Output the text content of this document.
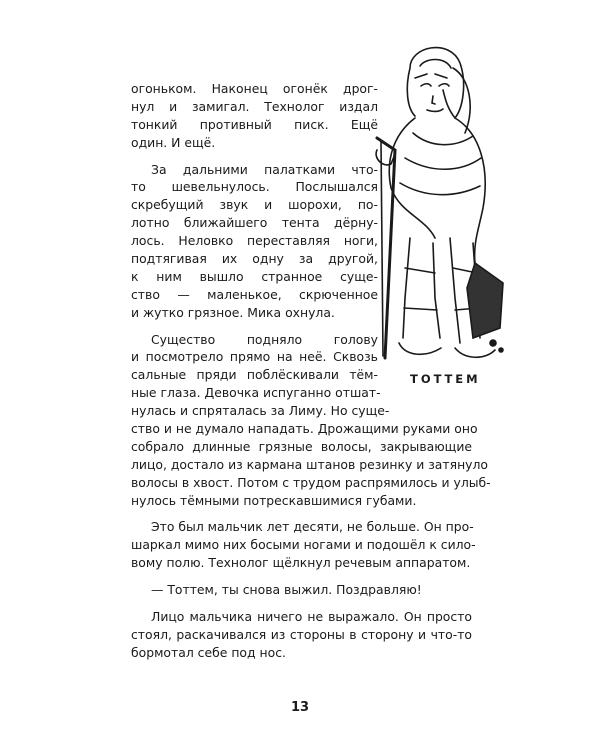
огоньком. Наконец огонёк дрог-
нул и замигал. Технолог издал
тонкий противный писк. Ещё
один. И ещё.
За дальними палатками что-
то шевельнулось. Послышался
скребущий звук и шорохи, по-
лотно ближайшего тента дёрну-
лось. Неловко переставляя ноги,
подтягивая их одну за другой,
к ним вышло странное суще-
ство — маленькое, скрюченное
и жутко грязное. Мика охнула.
Существо подняло голову
и посмотрело прямо на неё. Сквозь
сальные пряди поблёскивали тём-
ные глаза. Девочка испуганно отшат-
нулась и спряталась за Лиму. Но суще-
ство и не думало нападать. Дрожащими руками оно
собрало длинные грязные волосы, закрывающие
лицо, достало из кармана штанов резинку и затянуло
волосы в хвост. Потом с трудом распрямилось и улыб-
нулось тёмными потрескавшимися губами.
Это был мальчик лет десяти, не больше. Он про-
шаркал мимо них босыми ногами и подошёл к сило-
вому полю. Технолог щёлкнул речевым аппаратом.
— Тоттем, ты снова выжил. Поздравляю!
Лицо мальчика ничего не выражало. Он просто
стоял, раскачивался из стороны в сторону и что-то
бормотал себе под нос.
ТОТТЕМ
13
